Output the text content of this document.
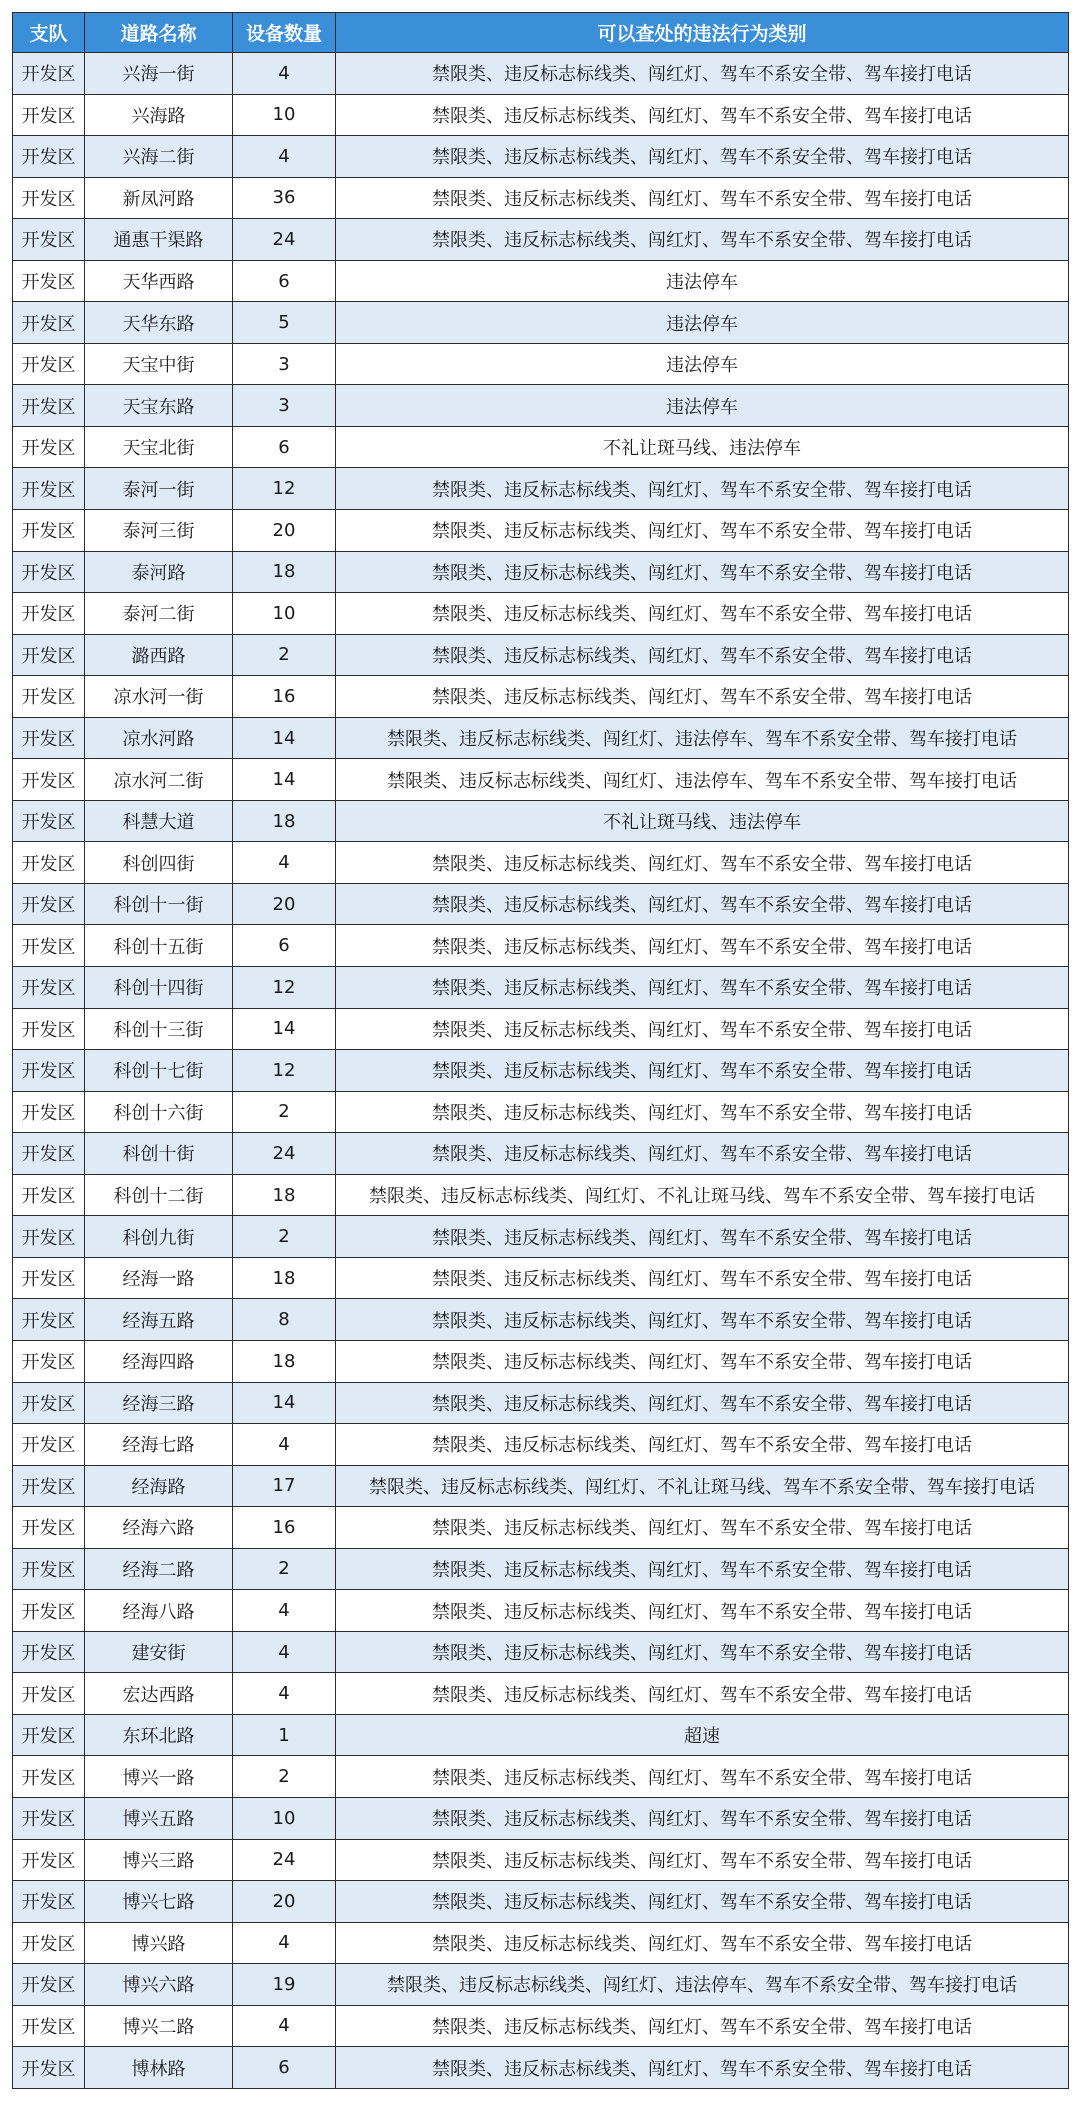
支队	道路名称	设备数量	可以查处的违法行为类别
开发区	兴海一街	4	禁限类、违反标志标线类、闯红灯、驾车不系安全带、驾车接打电话
开发区	兴海路	10	禁限类、违反标志标线类、闯红灯、驾车不系安全带、驾车接打电话
开发区	兴海二街	4	禁限类、违反标志标线类、闯红灯、驾车不系安全带、驾车接打电话
开发区	新凤河路	36	禁限类、违反标志标线类、闯红灯、驾车不系安全带、驾车接打电话
开发区	通惠干渠路	24	禁限类、违反标志标线类、闯红灯、驾车不系安全带、驾车接打电话
开发区	天华西路	6	违法停车
开发区	天华东路	5	违法停车
开发区	天宝中街	3	违法停车
开发区	天宝东路	3	违法停车
开发区	天宝北街	6	不礼让斑马线、违法停车
开发区	泰河一街	12	禁限类、违反标志标线类、闯红灯、驾车不系安全带、驾车接打电话
开发区	泰河三街	20	禁限类、违反标志标线类、闯红灯、驾车不系安全带、驾车接打电话
开发区	泰河路	18	禁限类、违反标志标线类、闯红灯、驾车不系安全带、驾车接打电话
开发区	泰河二街	10	禁限类、违反标志标线类、闯红灯、驾车不系安全带、驾车接打电话
开发区	潞西路	2	禁限类、违反标志标线类、闯红灯、驾车不系安全带、驾车接打电话
开发区	凉水河一街	16	禁限类、违反标志标线类、闯红灯、驾车不系安全带、驾车接打电话
开发区	凉水河路	14	禁限类、违反标志标线类、闯红灯、违法停车、驾车不系安全带、驾车接打电话
开发区	凉水河二街	14	禁限类、违反标志标线类、闯红灯、违法停车、驾车不系安全带、驾车接打电话
开发区	科慧大道	18	不礼让斑马线、违法停车
开发区	科创四街	4	禁限类、违反标志标线类、闯红灯、驾车不系安全带、驾车接打电话
开发区	科创十一街	20	禁限类、违反标志标线类、闯红灯、驾车不系安全带、驾车接打电话
开发区	科创十五街	6	禁限类、违反标志标线类、闯红灯、驾车不系安全带、驾车接打电话
开发区	科创十四街	12	禁限类、违反标志标线类、闯红灯、驾车不系安全带、驾车接打电话
开发区	科创十三街	14	禁限类、违反标志标线类、闯红灯、驾车不系安全带、驾车接打电话
开发区	科创十七街	12	禁限类、违反标志标线类、闯红灯、驾车不系安全带、驾车接打电话
开发区	科创十六街	2	禁限类、违反标志标线类、闯红灯、驾车不系安全带、驾车接打电话
开发区	科创十街	24	禁限类、违反标志标线类、闯红灯、驾车不系安全带、驾车接打电话
开发区	科创十二街	18	禁限类、违反标志标线类、闯红灯、不礼让斑马线、驾车不系安全带、驾车接打电话
开发区	科创九街	2	禁限类、违反标志标线类、闯红灯、驾车不系安全带、驾车接打电话
开发区	经海一路	18	禁限类、违反标志标线类、闯红灯、驾车不系安全带、驾车接打电话
开发区	经海五路	8	禁限类、违反标志标线类、闯红灯、驾车不系安全带、驾车接打电话
开发区	经海四路	18	禁限类、违反标志标线类、闯红灯、驾车不系安全带、驾车接打电话
开发区	经海三路	14	禁限类、违反标志标线类、闯红灯、驾车不系安全带、驾车接打电话
开发区	经海七路	4	禁限类、违反标志标线类、闯红灯、驾车不系安全带、驾车接打电话
开发区	经海路	17	禁限类、违反标志标线类、闯红灯、不礼让斑马线、驾车不系安全带、驾车接打电话
开发区	经海六路	16	禁限类、违反标志标线类、闯红灯、驾车不系安全带、驾车接打电话
开发区	经海二路	2	禁限类、违反标志标线类、闯红灯、驾车不系安全带、驾车接打电话
开发区	经海八路	4	禁限类、违反标志标线类、闯红灯、驾车不系安全带、驾车接打电话
开发区	建安街	4	禁限类、违反标志标线类、闯红灯、驾车不系安全带、驾车接打电话
开发区	宏达西路	4	禁限类、违反标志标线类、闯红灯、驾车不系安全带、驾车接打电话
开发区	东环北路	1	超速
开发区	博兴一路	2	禁限类、违反标志标线类、闯红灯、驾车不系安全带、驾车接打电话
开发区	博兴五路	10	禁限类、违反标志标线类、闯红灯、驾车不系安全带、驾车接打电话
开发区	博兴三路	24	禁限类、违反标志标线类、闯红灯、驾车不系安全带、驾车接打电话
开发区	博兴七路	20	禁限类、违反标志标线类、闯红灯、驾车不系安全带、驾车接打电话
开发区	博兴路	4	禁限类、违反标志标线类、闯红灯、驾车不系安全带、驾车接打电话
开发区	博兴六路	19	禁限类、违反标志标线类、闯红灯、违法停车、驾车不系安全带、驾车接打电话
开发区	博兴二路	4	禁限类、违反标志标线类、闯红灯、驾车不系安全带、驾车接打电话
开发区	博林路	6	禁限类、违反标志标线类、闯红灯、驾车不系安全带、驾车接打电话
